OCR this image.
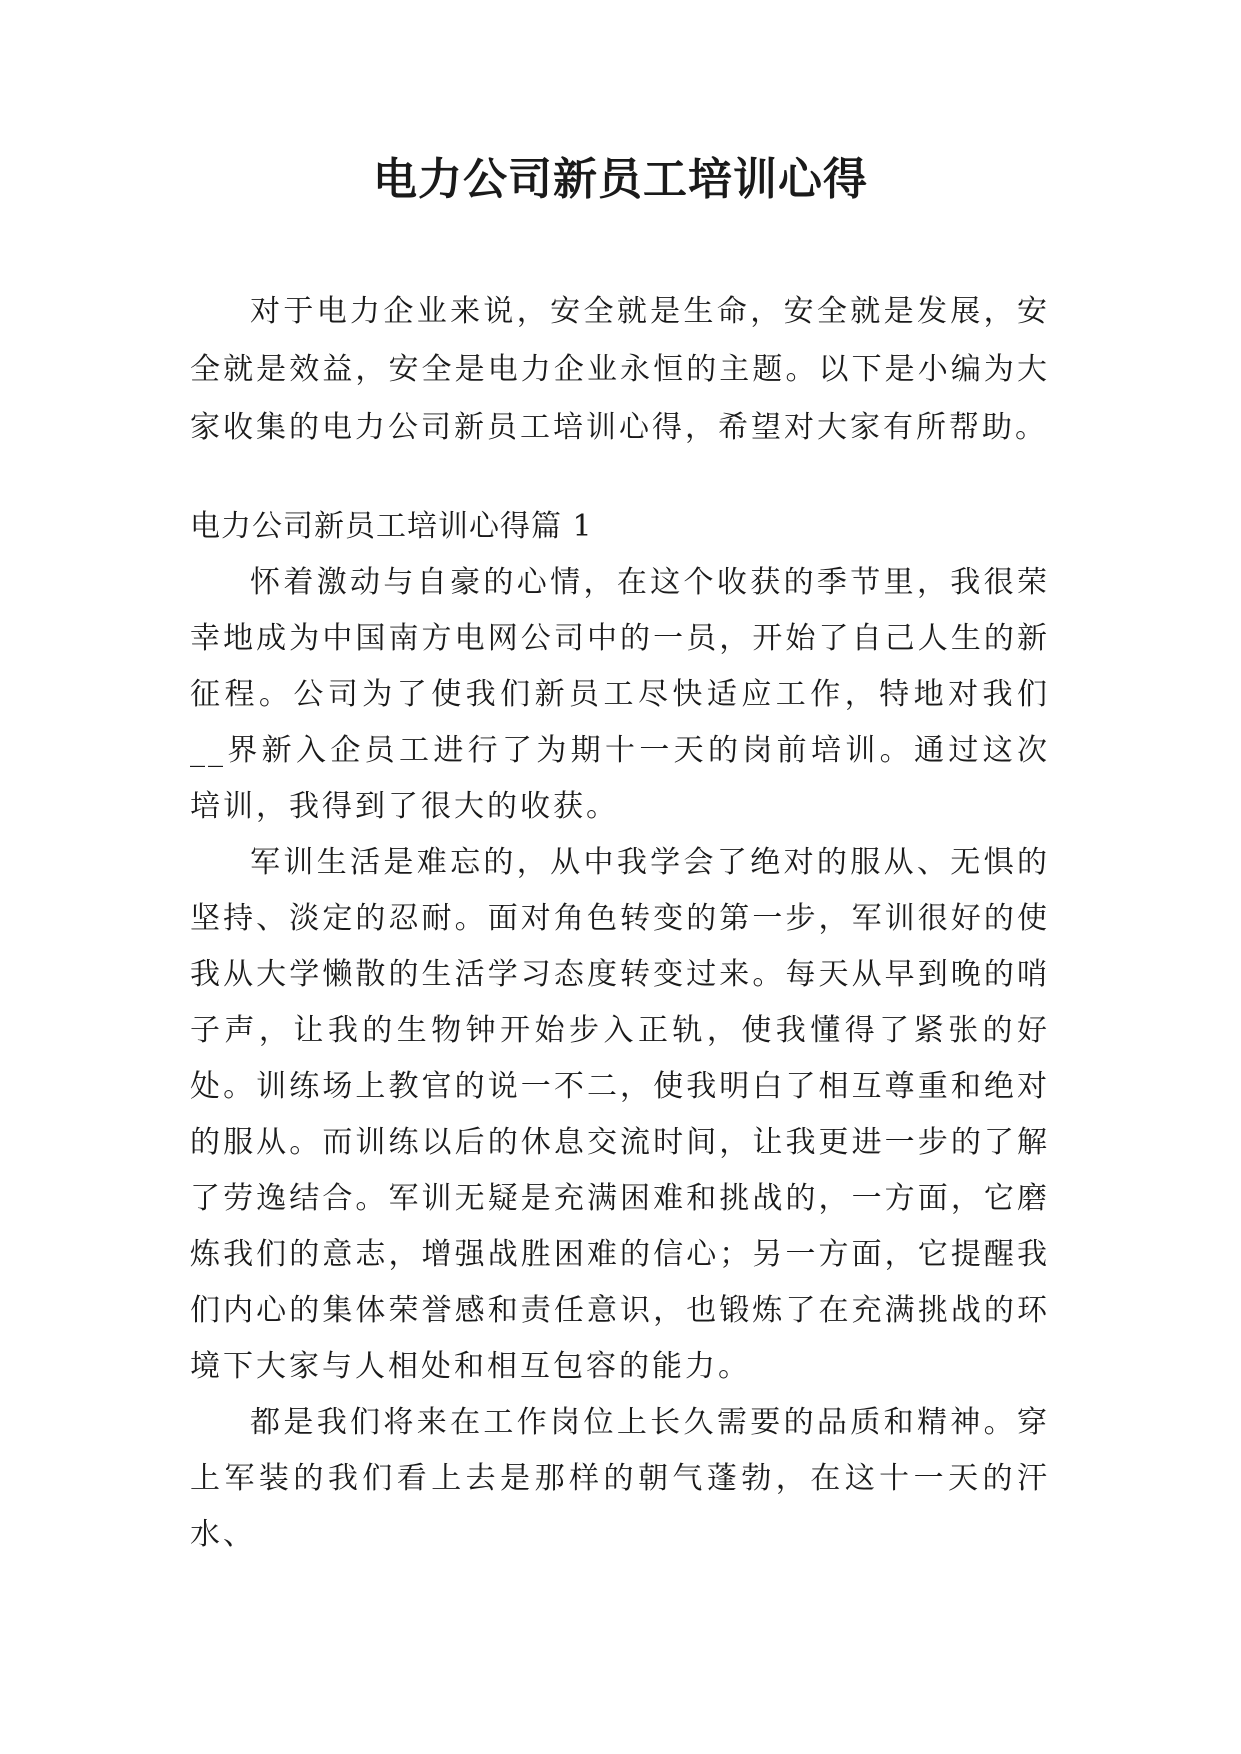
电力公司新员工培训心得

对于电力企业来说，安全就是生命，安全就是发展，安全就是效益，安全是电力企业永恒的主题。以下是小编为大家收集的电力公司新员工培训心得，希望对大家有所帮助。

电力公司新员工培训心得篇 1

怀着激动与自豪的心情，在这个收获的季节里，我很荣幸地成为中国南方电网公司中的一员，开始了自己人生的新征程。公司为了使我们新员工尽快适应工作，特地对我们__界新入企员工进行了为期十一天的岗前培训。通过这次培训，我得到了很大的收获。

军训生活是难忘的，从中我学会了绝对的服从、无惧的坚持、淡定的忍耐。面对角色转变的第一步，军训很好的使我从大学懒散的生活学习态度转变过来。每天从早到晚的哨子声，让我的生物钟开始步入正轨，使我懂得了紧张的好处。训练场上教官的说一不二，使我明白了相互尊重和绝对的服从。而训练以后的休息交流时间，让我更进一步的了解了劳逸结合。军训无疑是充满困难和挑战的，一方面，它磨炼我们的意志，增强战胜困难的信心；另一方面，它提醒我们内心的集体荣誉感和责任意识，也锻炼了在充满挑战的环境下大家与人相处和相互包容的能力。

都是我们将来在工作岗位上长久需要的品质和精神。穿上军装的我们看上去是那样的朝气蓬勃，在这十一天的汗水、
